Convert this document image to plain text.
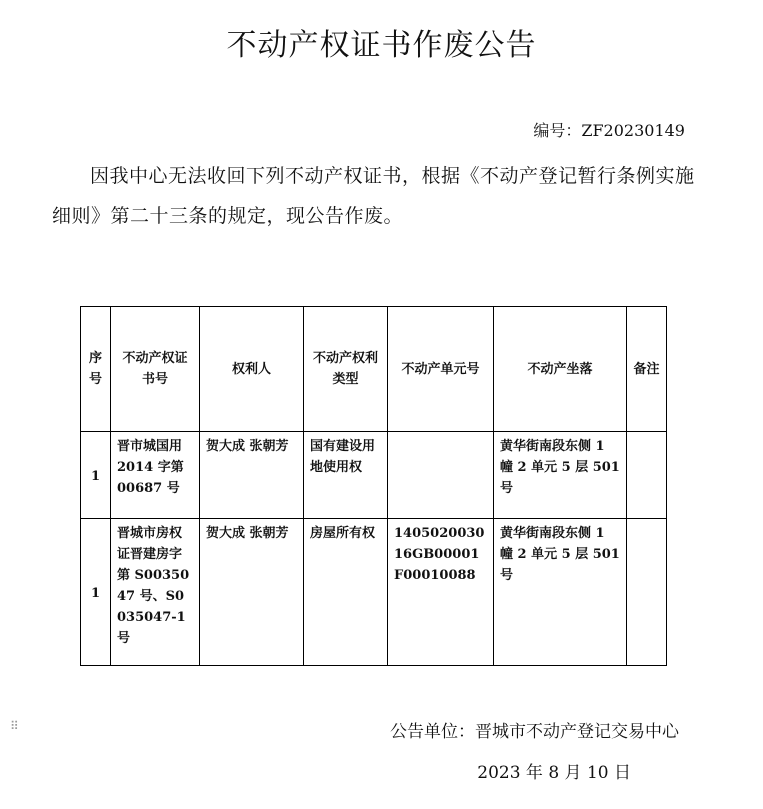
不动产权证书作废公告
编号：ZF20230149
因我中心无法收回下列不动产权证书，根据《不动产登记暂行条例实施细则》第二十三条的规定，现公告作废。
序号	不动产权证书号	权利人	不动产权利类型	不动产单元号	不动产坐落	备注
1	晋市城国用 2014 字第 00687 号	贺大成 张朝芳	国有建设用地使用权		黄华街南段东侧 1 幢 2 单元 5 层 501 号	
1	晋城市房权证晋建房字第 S0035047 号、S0035047-1 号	贺大成 张朝芳	房屋所有权	140502003016GB00001F00010088	黄华街南段东侧 1 幢 2 单元 5 层 501 号	
⠿	公告单位：晋城市不动产登记交易中心
2023 年 8 月 10 日
